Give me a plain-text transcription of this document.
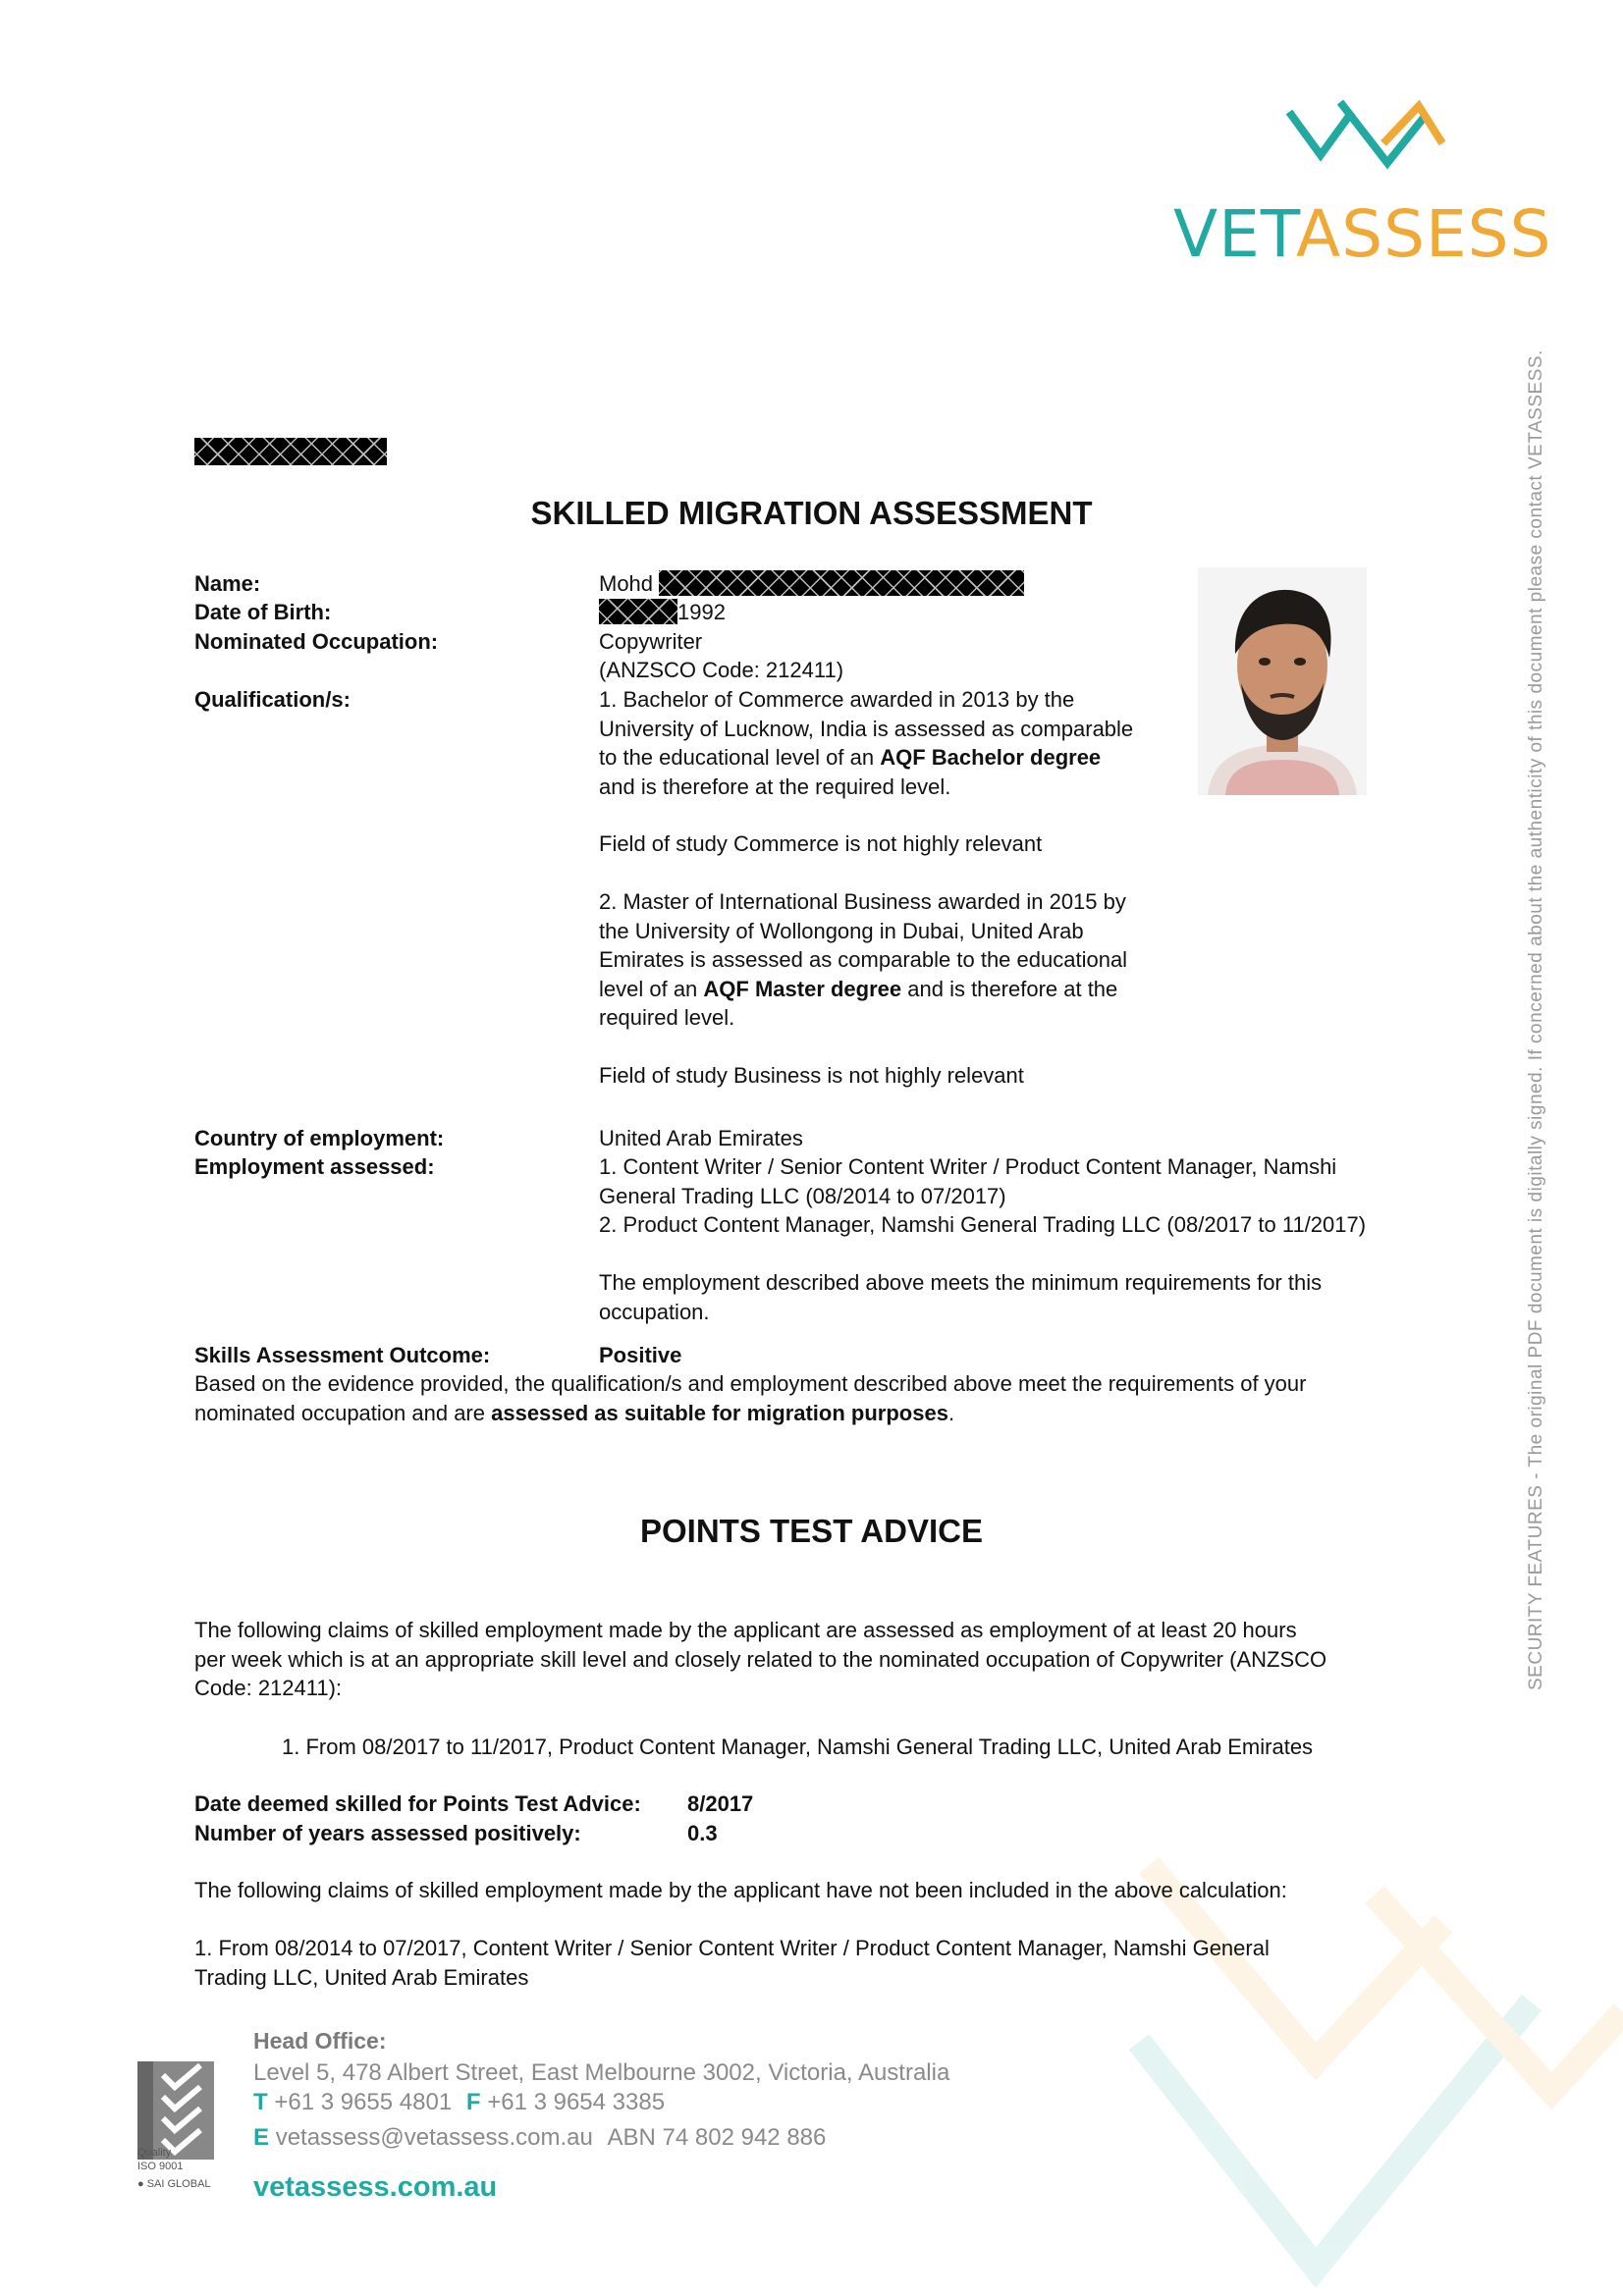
VETASSESS
SKILLED MIGRATION ASSESSMENT
Name:	Mohd
Date of Birth:	1992
Nominated Occupation:	Copywriter
(ANZSCO Code: 212411)
Qualification/s:	1. Bachelor of Commerce awarded in 2013 by the
University of Lucknow, India is assessed as comparable
to the educational level of an AQF Bachelor degree
and is therefore at the required level.
Field of study Commerce is not highly relevant
2. Master of International Business awarded in 2015 by
the University of Wollongong in Dubai, United Arab
Emirates is assessed as comparable to the educational
level of an AQF Master degree and is therefore at the
required level.
Field of study Business is not highly relevant
Country of employment:	United Arab Emirates
Employment assessed:	1. Content Writer / Senior Content Writer / Product Content Manager, Namshi
General Trading LLC (08/2014 to 07/2017)
2. Product Content Manager, Namshi General Trading LLC (08/2017 to 11/2017)
The employment described above meets the minimum requirements for this
occupation.
Skills Assessment Outcome:	Positive
Based on the evidence provided, the qualification/s and employment described above meet the requirements of your
nominated occupation and are assessed as suitable for migration purposes.
POINTS TEST ADVICE
The following claims of skilled employment made by the applicant are assessed as employment of at least 20 hours
per week which is at an appropriate skill level and closely related to the nominated occupation of Copywriter (ANZSCO
Code: 212411):
1. From 08/2017 to 11/2017, Product Content Manager, Namshi General Trading LLC, United Arab Emirates
Date deemed skilled for Points Test Advice: 8/2017
Number of years assessed positively:	0.3
The following claims of skilled employment made by the applicant have not been included in the above calculation:
1. From 08/2014 to 07/2017, Content Writer / Senior Content Writer / Product Content Manager, Namshi General
Trading LLC, United Arab Emirates
SECURITY FEATURES - The original PDF document is digitally signed. If concerned about the authenticity of this document please contact VETASSESS.
Quality
ISO 9001
● SAI GLOBAL
Head Office:
Level 5, 478 Albert Street, East Melbourne 3002, Victoria, Australia
T +61 3 9655 4801 F +61 3 9654 3385
E vetassess@vetassess.com.au ABN 74 802 942 886
vetassess.com.au
